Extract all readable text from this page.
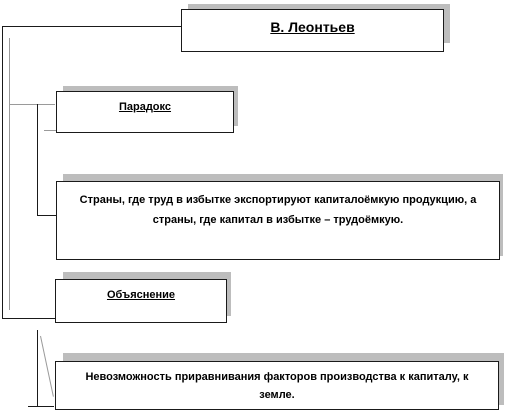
В. Леонтьев
Парадокс
Страны, где труд в избытке экспортируют капиталоёмкую продукцию, а страны, где капитал в избытке – трудоёмкую.
Объяснение
Невозможность приравнивания факторов производства к капиталу, к земле.
